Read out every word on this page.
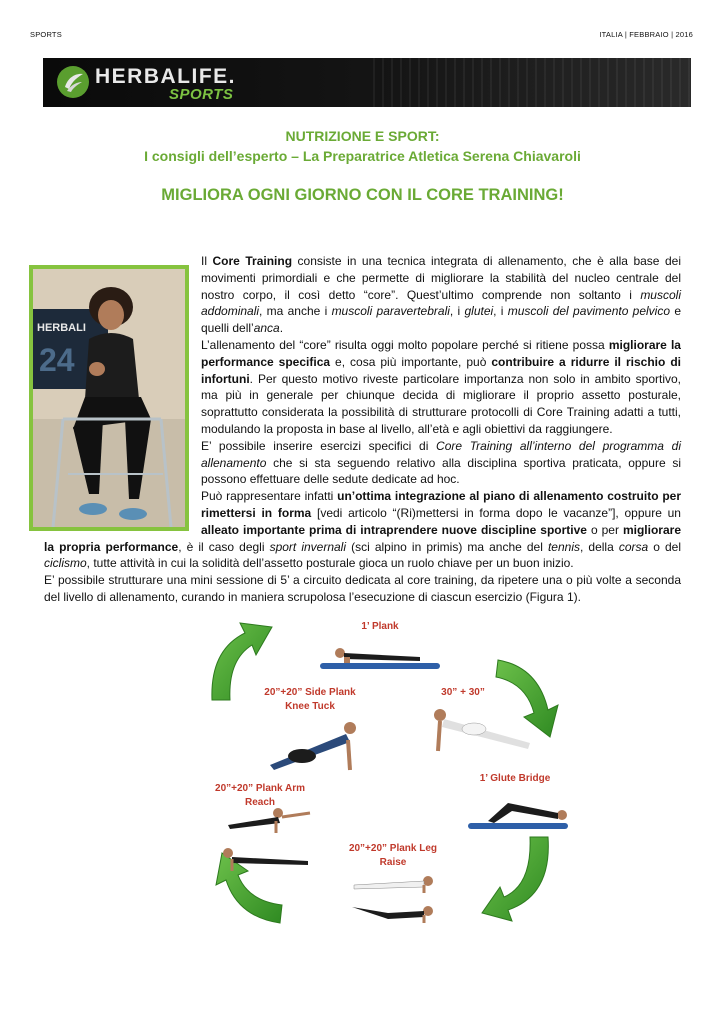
SPORTS	ITALIA | FEBBRAIO | 2016
HERBALIFE.
SPORTS
NUTRIZIONE E SPORT:
I consigli dell’esperto – La Preparatrice Atletica Serena Chiavaroli
MIGLIORA OGNI GIORNO CON IL CORE TRAINING!
HERBALI
24

Il Core Training consiste in una tecnica integrata di allenamento, che è alla base dei movimenti primordiali e che permette di migliorare la stabilità del nucleo centrale del nostro corpo, il così detto “core”. Quest’ultimo comprende non soltanto i muscoli addominali, ma anche i muscoli paravertebrali, i glutei, i muscoli del pavimento pelvico e quelli dell’anca.

L’allenamento del “core” risulta oggi molto popolare perché si ritiene possa migliorare la performance specifica e, cosa più importante, può contribuire a ridurre il rischio di infortuni. Per questo motivo riveste particolare importanza non solo in ambito sportivo, ma più in generale per chiunque decida di migliorare il proprio assetto posturale, soprattutto considerata la possibilità di strutturare protocolli di Core Training adatti a tutti, modulando la proposta in base al livello, all’età e agli obiettivi da raggiungere.

E’ possibile inserire esercizi specifici di Core Training all’interno del programma di allenamento che si sta seguendo relativo alla disciplina sportiva praticata, oppure si possono effettuare delle sedute dedicate ad hoc.

Può rappresentare infatti un’ottima integrazione al piano di allenamento costruito per rimettersi in forma [vedi articolo “(Ri)mettersi in forma dopo le vacanze”], oppure un alleato importante prima di intraprendere nuove discipline sportive o per migliorare la propria performance, è il caso degli sport invernali (sci alpino in primis) ma anche del tennis, della corsa o del ciclismo, tutte attività in cui la solidità dell’assetto posturale gioca un ruolo chiave per un buon inizio.

E’ possibile strutturare una mini sessione di 5’ a circuito dedicata al core training, da ripetere una o più volte a seconda del livello di allenamento, curando in maniera scrupolosa l’esecuzione di ciascun esercizio (Figura 1).

1’ Plank
20”+20” Side Plank
Knee Tuck
30” + 30”
20”+20” Plank Arm
Reach
1’ Glute Bridge
20”+20” Plank Leg
Raise
